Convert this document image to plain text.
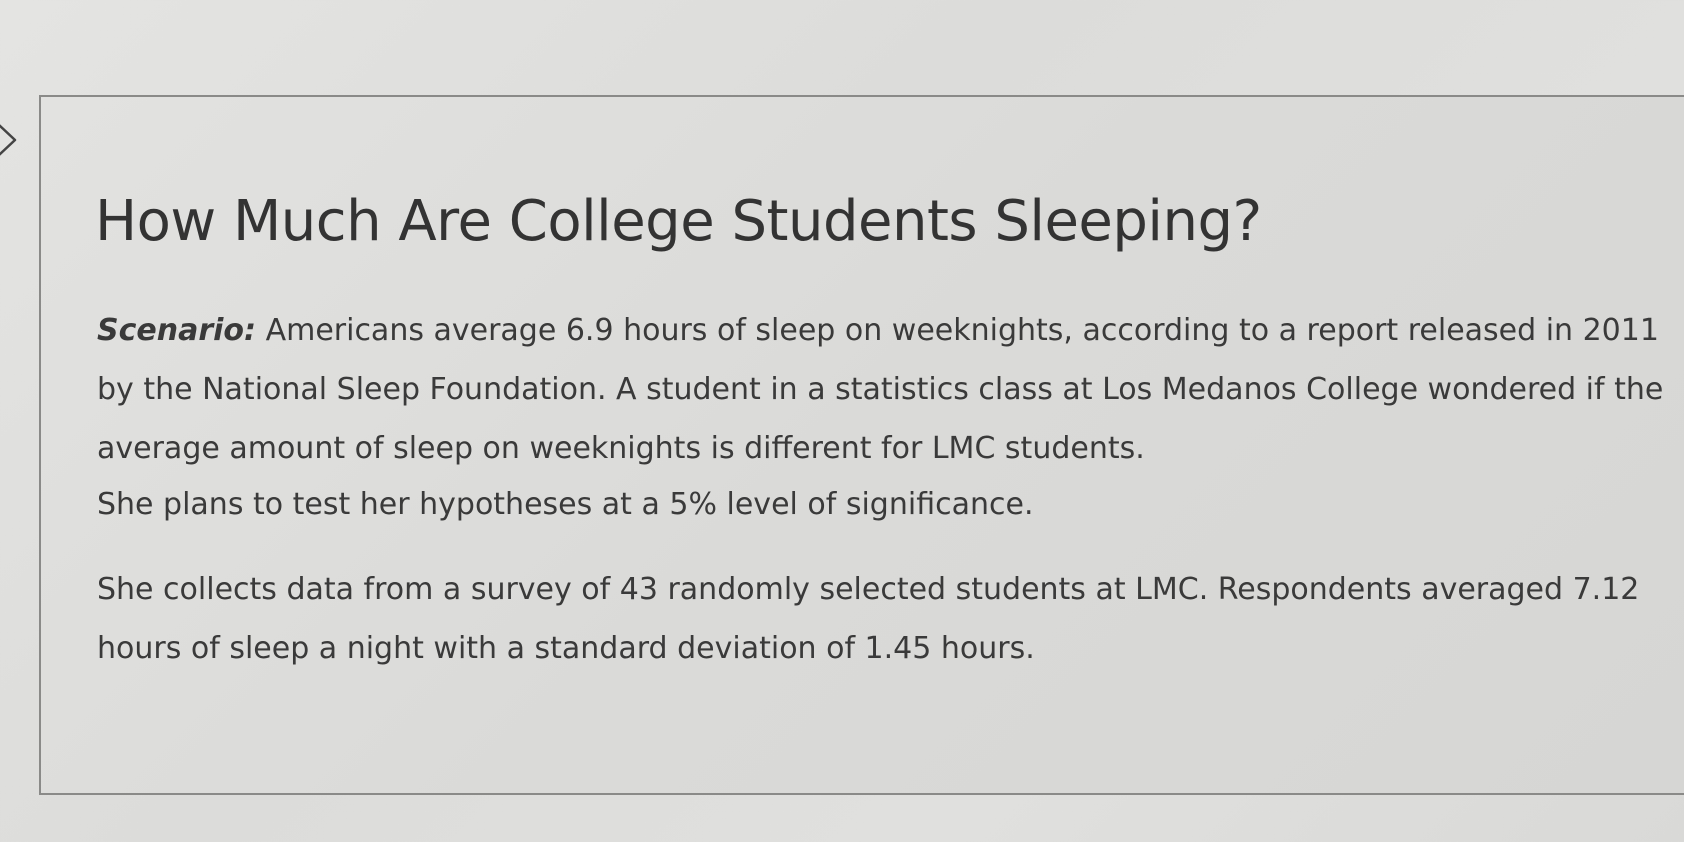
How Much Are College Students Sleeping?

Scenario: Americans average 6.9 hours of sleep on weeknights, according to a report released in 2011 by the National Sleep Foundation. A student in a statistics class at Los Medanos College wondered if the average amount of sleep on weeknights is different for LMC students.

She plans to test her hypotheses at a 5% level of significance.

She collects data from a survey of 43 randomly selected students at LMC. Respondents averaged 7.12 hours of sleep a night with a standard deviation of 1.45 hours.
